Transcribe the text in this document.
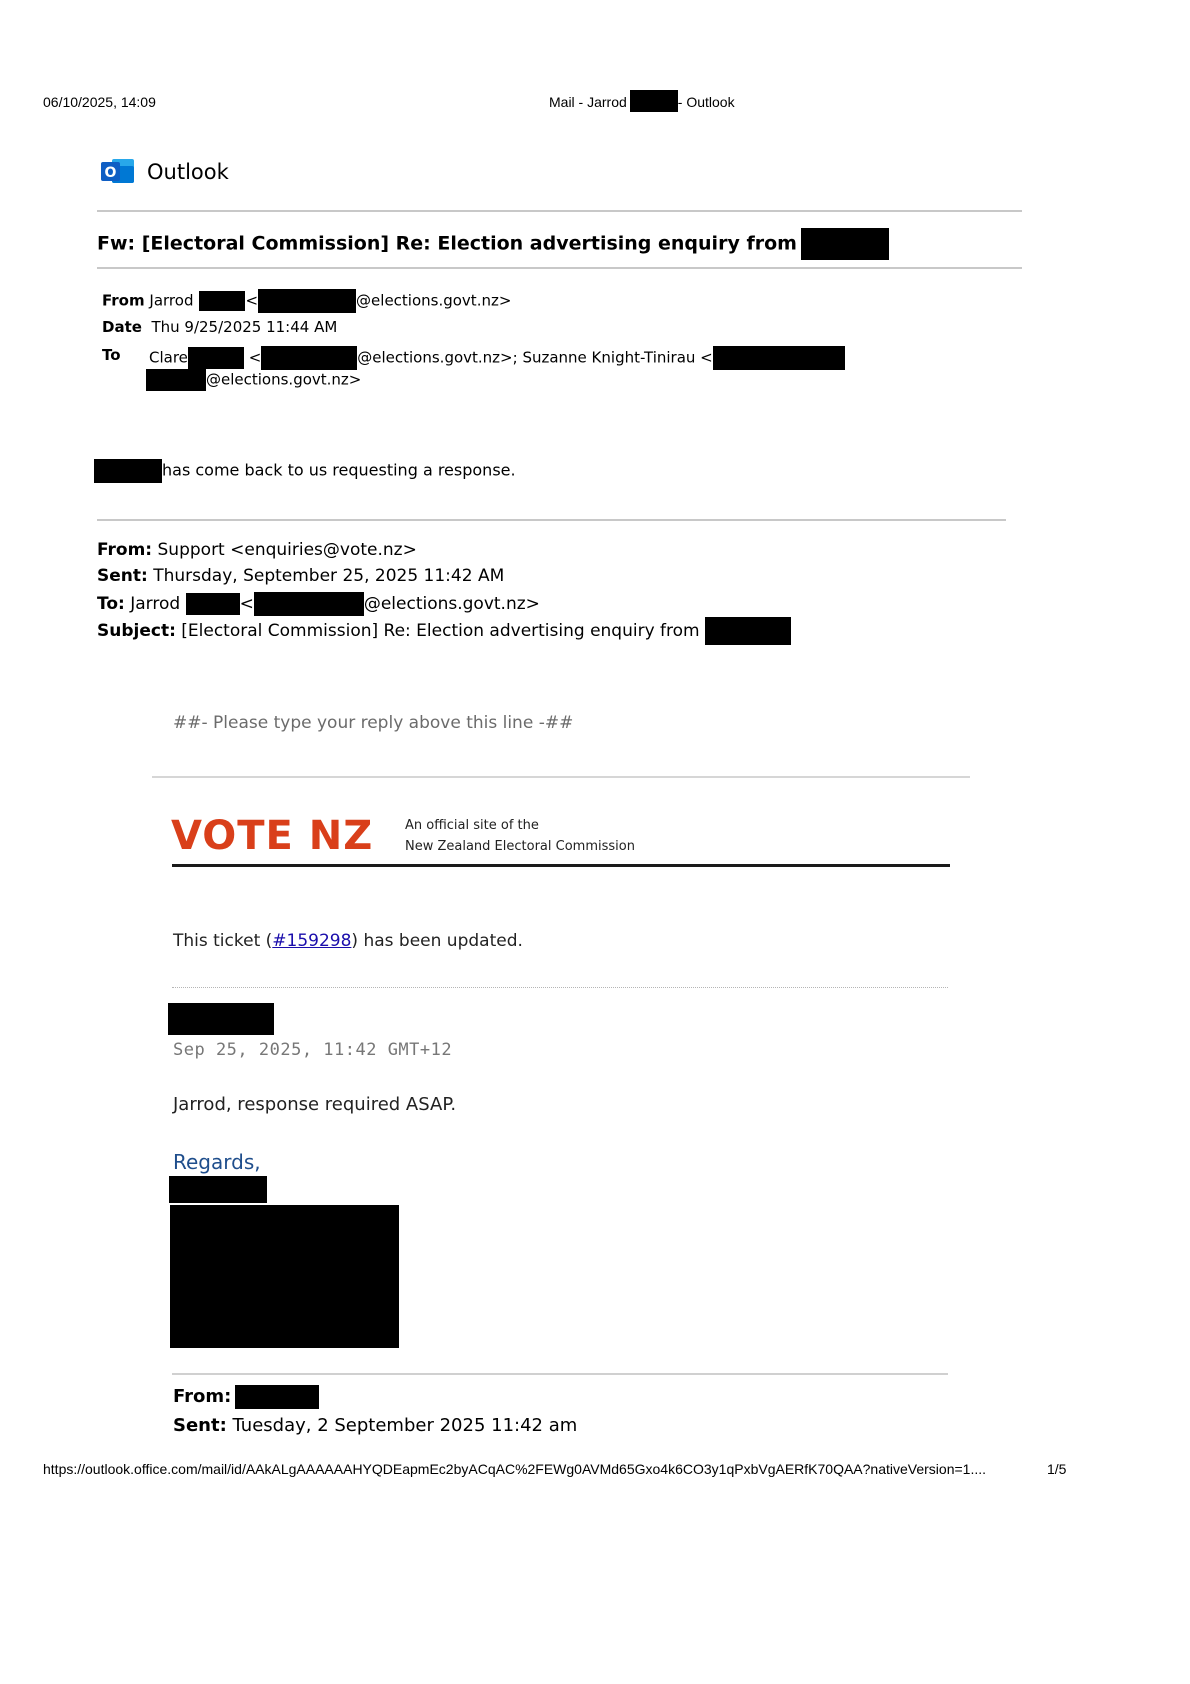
06/10/2025, 14:09	Mail - Jarrod	- Outlook
O Outlook
Fw: [Electoral Commission] Re: Election advertising enquiry from
From Jarrod	<	@elections.govt.nz>
Date Thu 9/25/2025 11:44 AM
To Clare	<	@elections.govt.nz>; Suzanne Knight-Tinirau <
@elections.govt.nz>
has come back to us requesting a response.
From: Support <enquiries@vote.nz>
Sent: Thursday, September 25, 2025 11:42 AM
To: Jarrod	<	@elections.govt.nz>
Subject: [Electoral Commission] Re: Election advertising enquiry from
##- Please type your reply above this line -##
VOTE NZ An official site of the
New Zealand Electoral Commission
This ticket (#159298) has been updated.
Sep 25, 2025, 11:42 GMT+12
Jarrod, response required ASAP.
Regards,
From:
Sent: Tuesday, 2 September 2025 11:42 am
https://outlook.office.com/mail/id/AAkALgAAAAAAHYQDEapmEc2byACqAC%2FEWg0AVMd65Gxo4k6CO3y1qPxbVgAERfK70QAA?nativeVersion=1....	1/5
